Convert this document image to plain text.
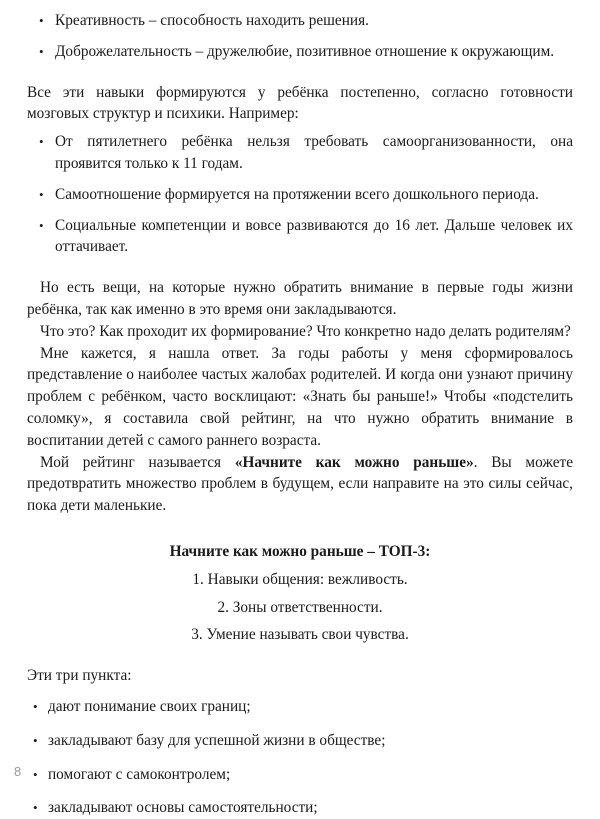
• Креативность – способность находить решения.
• Доброжелательность – дружелюбие, позитивное отношение к окружающим.

Все эти навыки формируются у ребёнка постепенно, согласно готовности мозговых структур и психики. Например:

• От пятилетнего ребёнка нельзя требовать самоорганизованности, она проявится только к 11 годам.
• Самоотношение формируется на протяжении всего дошкольного периода.
• Социальные компетенции и вовсе развиваются до 16 лет. Дальше человек их оттачивает.

Но есть вещи, на которые нужно обратить внимание в первые годы жизни ребёнка, так как именно в это время они закладываются.

Что это? Как проходит их формирование? Что конкретно надо делать родителям?

Мне кажется, я нашла ответ. За годы работы у меня сформировалось представление о наиболее частых жалобах родителей. И когда они узнают причину проблем с ребёнком, часто восклицают: «Знать бы раньше!» Чтобы «подстелить соломку», я составила свой рейтинг, на что нужно обратить внимание в воспитании детей с самого раннего возраста.

Мой рейтинг называется «Начните как можно раньше». Вы можете предотвратить множество проблем в будущем, если направите на это силы сейчас, пока дети маленькие.

Начните как можно раньше – ТОП-3:

1. Навыки общения: вежливость.

2. Зоны ответственности.

3. Умение называть свои чувства.

Эти три пункта:

• дают понимание своих границ;
• закладывают базу для успешной жизни в обществе;
• помогают с самоконтролем;
• закладывают основы самостоятельности;
8
